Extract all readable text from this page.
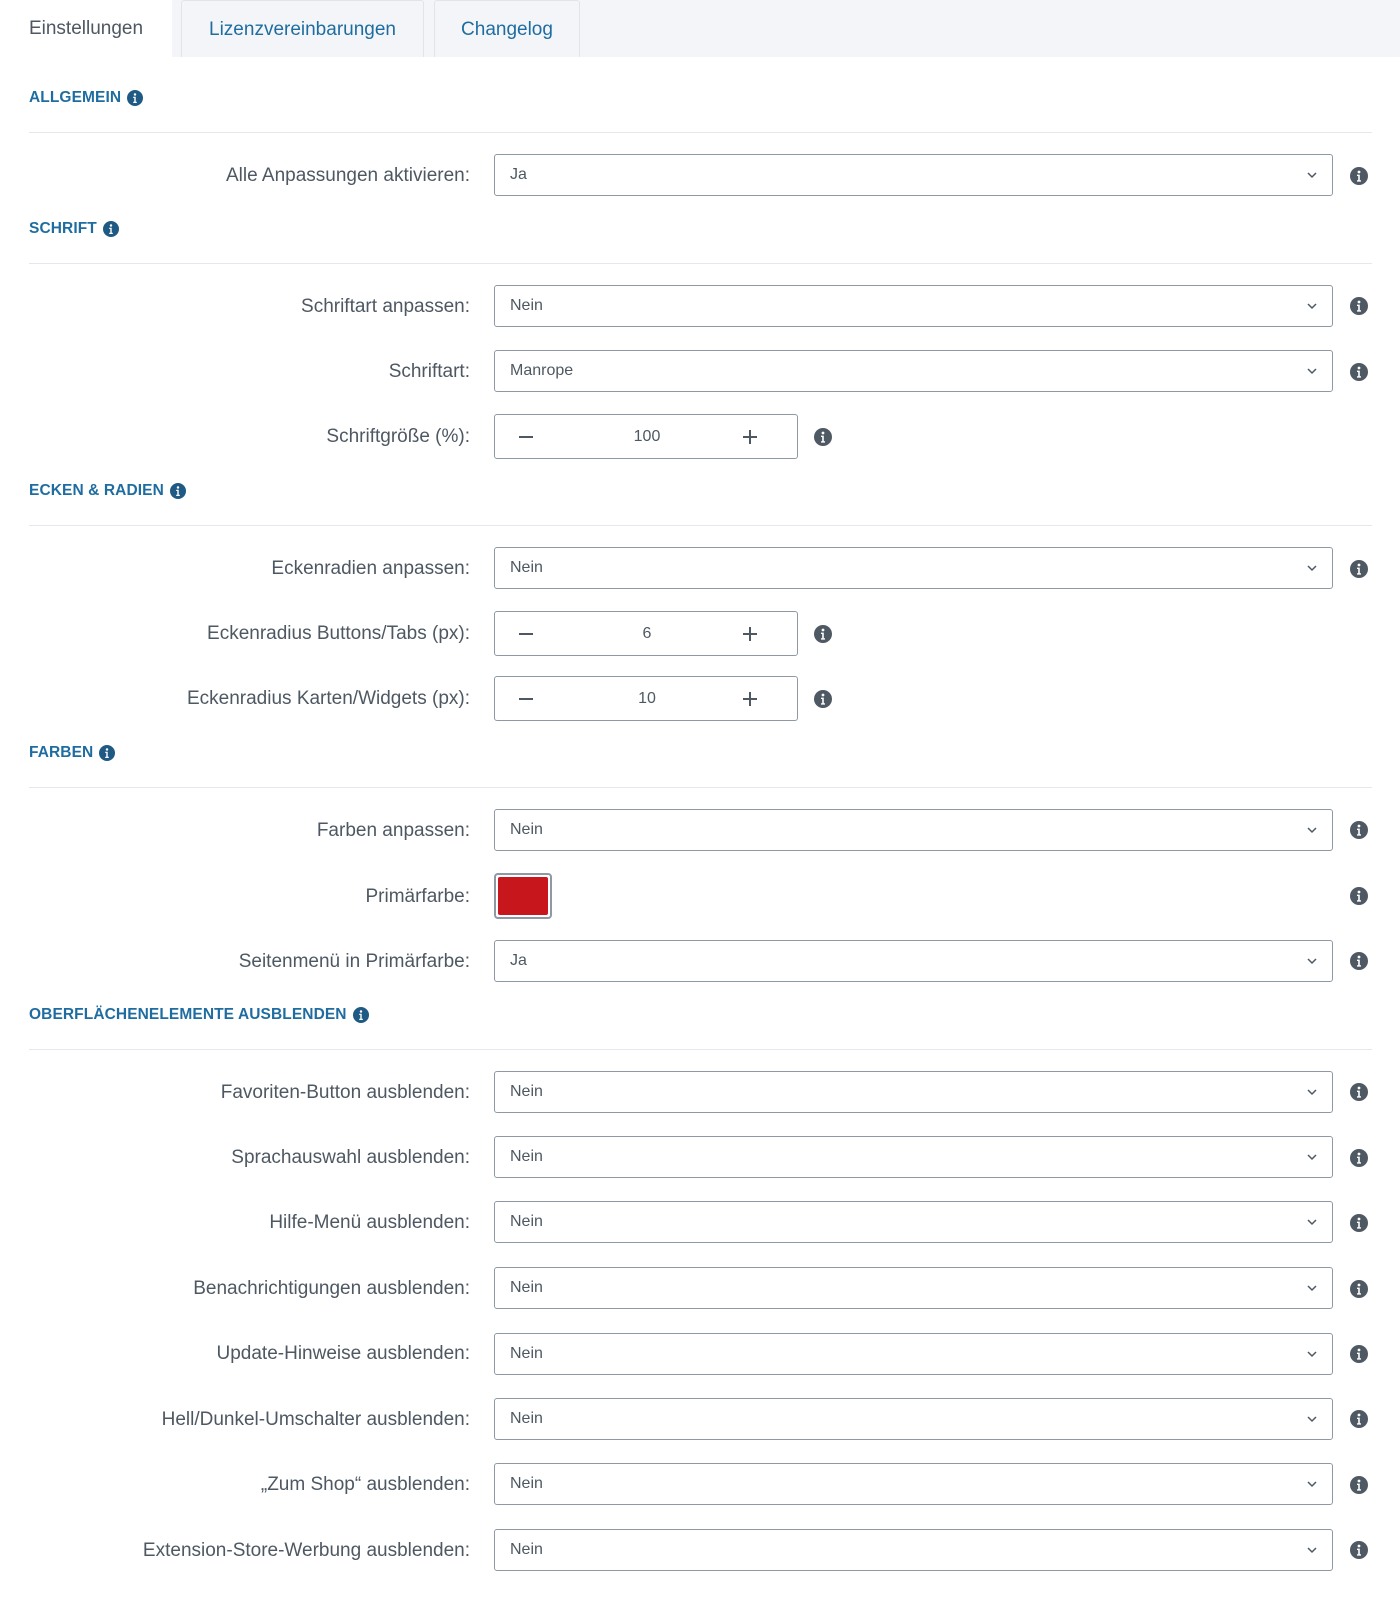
Einstellungen	Lizenzvereinbarungen	Changelog
ALLGEMEIN
Alle Anpassungen aktivieren:	Ja
SCHRIFT
Schriftart anpassen:	Nein
Schriftart:	Manrope
Schriftgröße (%):	100
ECKEN & RADIEN
Eckenradien anpassen:	Nein
Eckenradius Buttons/Tabs (px):	6
Eckenradius Karten/Widgets (px):	10
FARBEN
Farben anpassen:	Nein
Primärfarbe:
Seitenmenü in Primärfarbe:	Ja
OBERFLÄCHENELEMENTE AUSBLENDEN
Favoriten-Button ausblenden:	Nein
Sprachauswahl ausblenden:	Nein
Hilfe-Menü ausblenden:	Nein
Benachrichtigungen ausblenden:	Nein
Update-Hinweise ausblenden:	Nein
Hell/Dunkel-Umschalter ausblenden:	Nein
„Zum Shop“ ausblenden:	Nein
Extension-Store-Werbung ausblenden:	Nein
